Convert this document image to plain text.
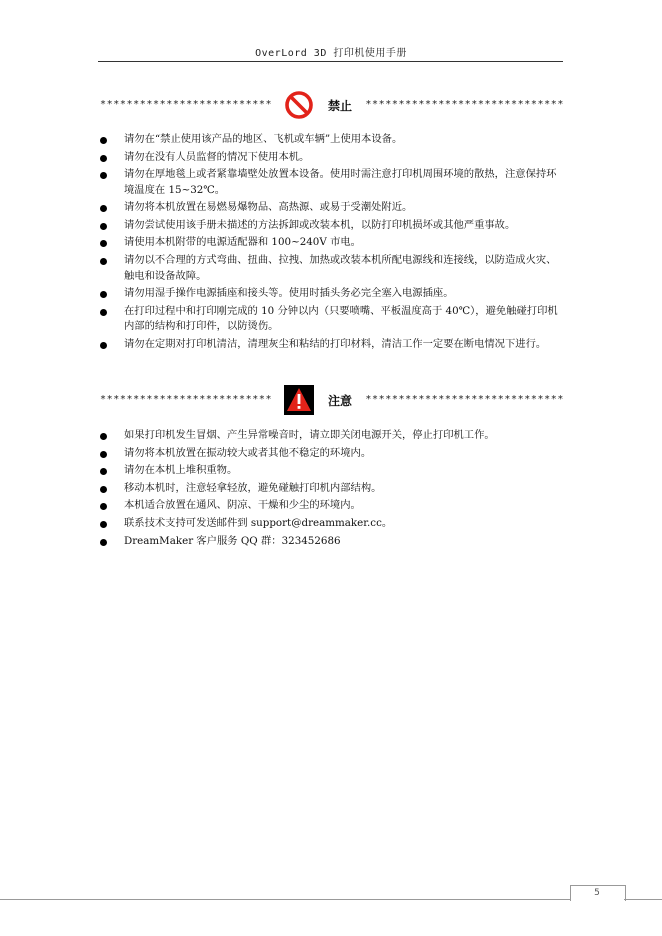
OverLord 3D 打印机使用手册
**************************	禁止 ******************************
请勿在“禁止使用该产品的地区、飞机或车辆”上使用本设备。
请勿在没有人员监督的情况下使用本机。
请勿在厚地毯上或者紧靠墙壁处放置本设备。使用时需注意打印机周围环境的散热，注意保持环境温度在 15~32℃。
请勿将本机放置在易燃易爆物品、高热源、或易于受潮处附近。
请勿尝试使用该手册未描述的方法拆卸或改装本机，以防打印机损坏或其他严重事故。
请使用本机附带的电源适配器和 100~240V 市电。
请勿以不合理的方式弯曲、扭曲、拉拽、加热或改装本机所配电源线和连接线，以防造成火灾、触电和设备故障。
请勿用湿手操作电源插座和接头等。使用时插头务必完全塞入电源插座。
在打印过程中和打印刚完成的 10 分钟以内（只要喷嘴、平板温度高于 40℃），避免触碰打印机内部的结构和打印件，以防烫伤。
请勿在定期对打印机清洁，清理灰尘和粘结的打印材料，清洁工作一定要在断电情况下进行。
**************************	注意 ******************************
如果打印机发生冒烟、产生异常噪音时，请立即关闭电源开关，停止打印机工作。
请勿将本机放置在振动较大或者其他不稳定的环境内。
请勿在本机上堆积重物。
移动本机时，注意轻拿轻放，避免碰触打印机内部结构。
本机适合放置在通风、阴凉、干燥和少尘的环境内。
联系技术支持可发送邮件到 support@dreammaker.cc。
DreamMaker 客户服务 QQ 群：323452686
5
